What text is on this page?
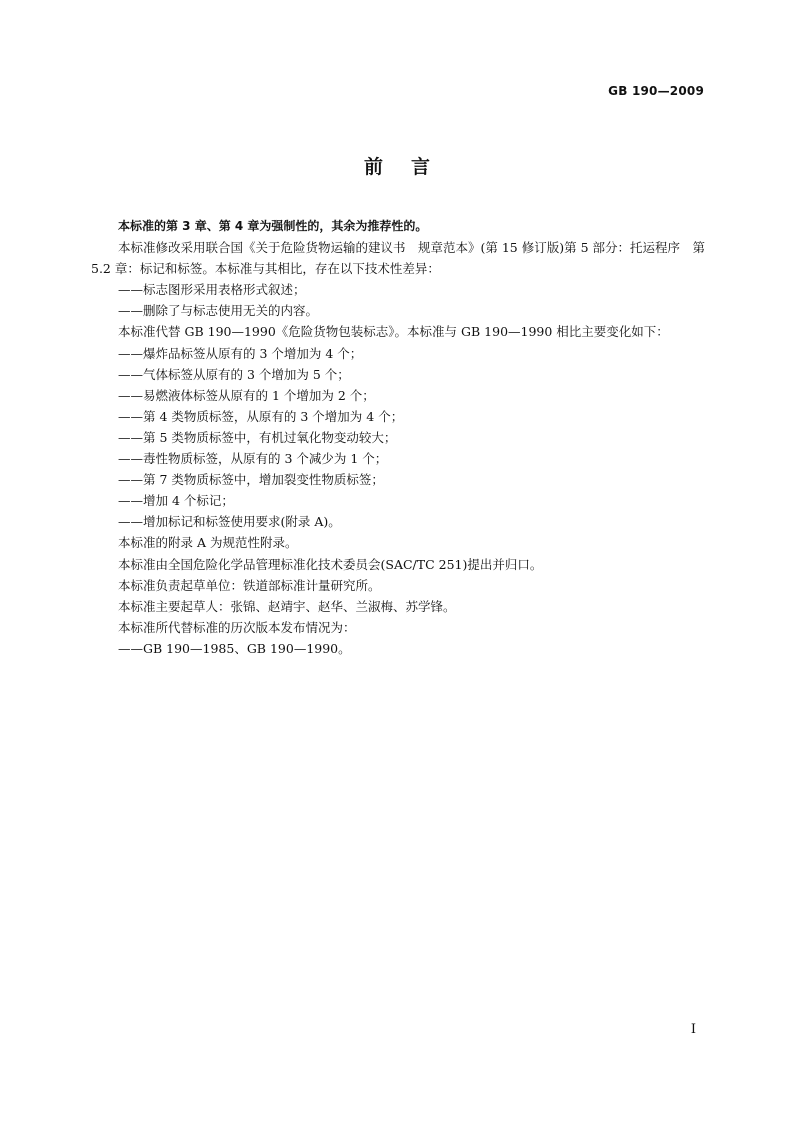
GB 190—2009
前言

本标准的第 3 章、第 4 章为强制性的，其余为推荐性的。

本标准修改采用联合国《关于危险货物运输的建议书　规章范本》(第 15 修订版)第 5 部分：托运程序　第 5.2 章：标记和标签。本标准与其相比，存在以下技术性差异：

——标志图形采用表格形式叙述；

——删除了与标志使用无关的内容。

本标准代替 GB 190—1990《危险货物包装标志》。本标准与 GB 190—1990 相比主要变化如下：

——爆炸品标签从原有的 3 个增加为 4 个；

——气体标签从原有的 3 个增加为 5 个；

——易燃液体标签从原有的 1 个增加为 2 个；

——第 4 类物质标签，从原有的 3 个增加为 4 个；

——第 5 类物质标签中，有机过氧化物变动较大；

——毒性物质标签，从原有的 3 个减少为 1 个；

——第 7 类物质标签中，增加裂变性物质标签；

——增加 4 个标记；

——增加标记和标签使用要求(附录 A)。

本标准的附录 A 为规范性附录。

本标准由全国危险化学品管理标准化技术委员会(SAC/TC 251)提出并归口。

本标准负责起草单位：铁道部标准计量研究所。

本标准主要起草人：张锦、赵靖宇、赵华、兰淑梅、苏学锋。

本标准所代替标准的历次版本发布情况为：

——GB 190—1985、GB 190—1990。

I
